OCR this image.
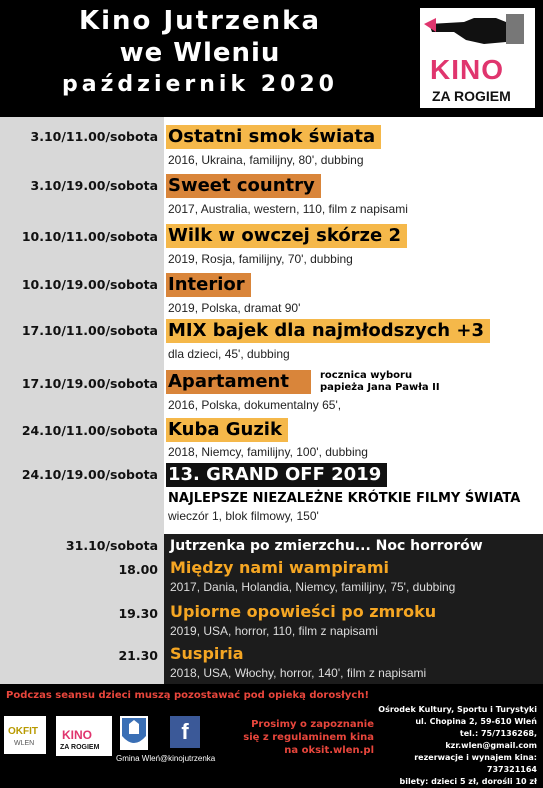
Kino Jutrzenka
we Wleniu
październik 2020	KINO
ZA ROGIEM
3.10/11.00/sobota Ostatni smok świata
2016, Ukraina, familijny, 80', dubbing
3.10/19.00/sobota Sweet country
2017, Australia, western, 110, film z napisami
10.10/11.00/sobota Wilk w owczej skórze 2
2019, Rosja, familijny, 70', dubbing
10.10/19.00/sobota Interior
2019, Polska, dramat 90'
17.10/11.00/sobota MIX bajek dla najmłodszych +3
dla dzieci, 45', dubbing
17.10/19.00/sobota Apartament	rocznica wyboru
papieża Jana Pawła II
2016, Polska, dokumentalny 65',
24.10/11.00/sobota Kuba Guzik
2018, Niemcy, familijny, 100', dubbing
24.10/19.00/sobota 13. GRAND OFF 2019
NAJLEPSZE NIEZALEŻNE KRÓTKIE FILMY ŚWIATA
wieczór 1, blok filmowy, 150'
31.10/sobota Jutrzenka po zmierzchu... Noc horrorów
18.00 Między nami wampirami
2017, Dania, Holandia, Niemcy, familijny, 75', dubbing
19.30 Upiorne opowieści po zmroku
2019, USA, horror, 110, film z napisami
21.30 Suspiria
2018, USA, Włochy, horror, 140', film z napisami
Podczas seansu dzieci muszą pozostawać pod opieką dorosłych!
OKFIT
WLEN
KINO
ZA ROGIEM
Gmina Wleń
f
@kinojutrzenka
Prosimy o zapoznanie
się z regulaminem kina
na oksit.wlen.pl
Ośrodek Kultury, Sportu i Turystyki
ul. Chopina 2, 59-610 Wleń
tel.: 75/7136268, kzr.wlen@gmail.com
rezerwacje i wynajem kina: 737321164
bilety: dzieci 5 zł, dorośli 10 zł
